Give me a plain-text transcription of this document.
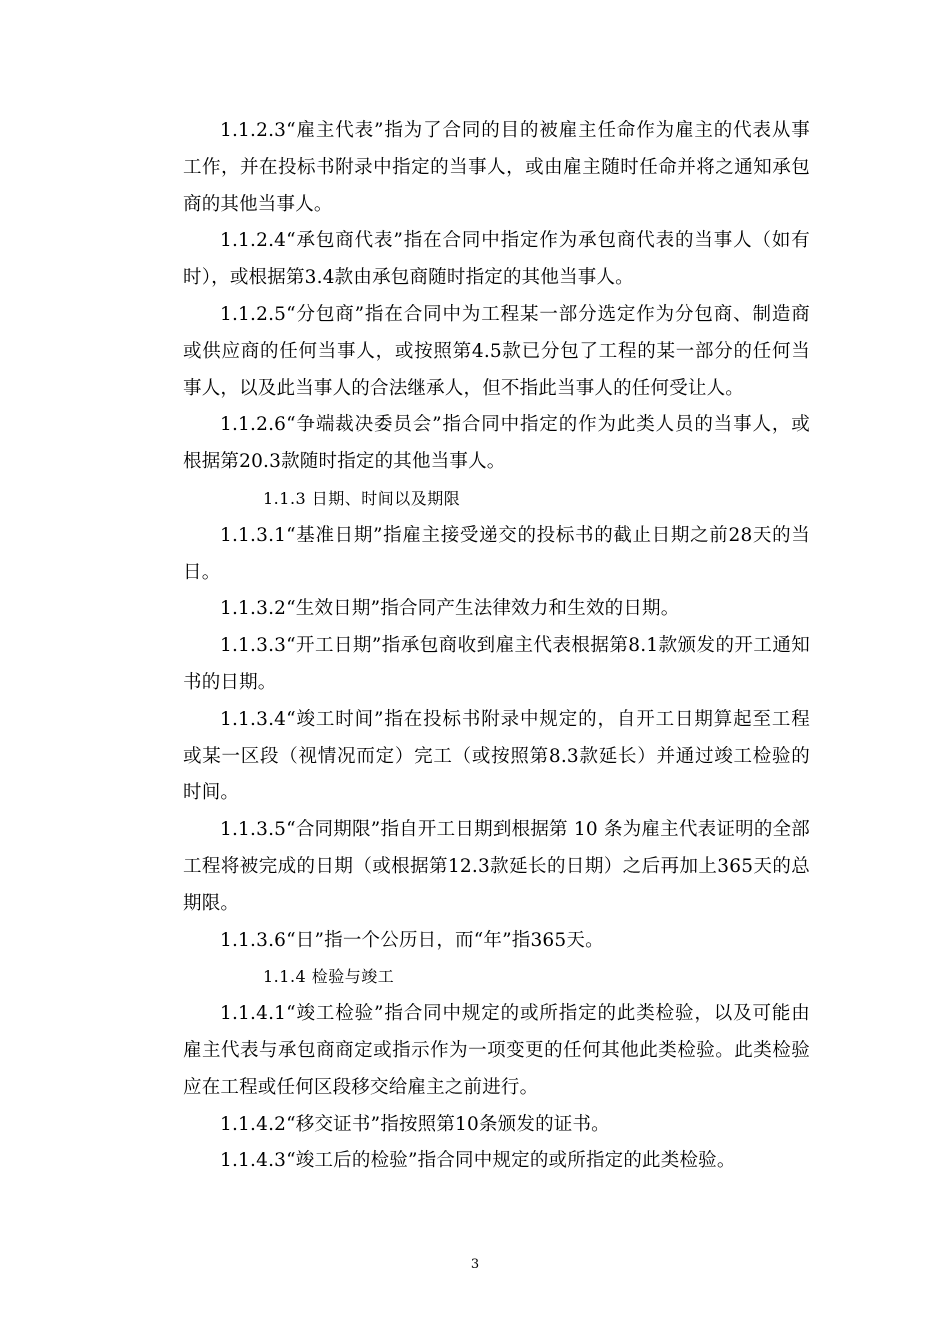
1.1.2.3“雇主代表”指为了合同的目的被雇主任命作为雇主的代表从事工作，并在投标书附录中指定的当事人，或由雇主随时任命并将之通知承包商的其他当事人。

1.1.2.4“承包商代表”指在合同中指定作为承包商代表的当事人（如有时），或根据第3.4款由承包商随时指定的其他当事人。

1.1.2.5“分包商”指在合同中为工程某一部分选定作为分包商、制造商或供应商的任何当事人，或按照第4.5款已分包了工程的某一部分的任何当事人，以及此当事人的合法继承人，但不指此当事人的任何受让人。

1.1.2.6“争端裁决委员会”指合同中指定的作为此类人员的当事人，或根据第20.3款随时指定的其他当事人。

1.1.3 日期、时间以及期限

1.1.3.1“基准日期”指雇主接受递交的投标书的截止日期之前28天的当日。

1.1.3.2“生效日期”指合同产生法律效力和生效的日期。

1.1.3.3“开工日期”指承包商收到雇主代表根据第8.1款颁发的开工通知书的日期。

1.1.3.4“竣工时间”指在投标书附录中规定的，自开工日期算起至工程或某一区段（视情况而定）完工（或按照第8.3款延长）并通过竣工检验的时间。

1.1.3.5“合同期限”指自开工日期到根据第 10 条为雇主代表证明的全部工程将被完成的日期（或根据第12.3款延长的日期）之后再加上365天的总期限。

1.1.3.6“日”指一个公历日，而“年”指365天。

1.1.4 检验与竣工

1.1.4.1“竣工检验”指合同中规定的或所指定的此类检验，以及可能由雇主代表与承包商商定或指示作为一项变更的任何其他此类检验。此类检验应在工程或任何区段移交给雇主之前进行。

1.1.4.2“移交证书”指按照第10条颁发的证书。

1.1.4.3“竣工后的检验”指合同中规定的或所指定的此类检验。

3
